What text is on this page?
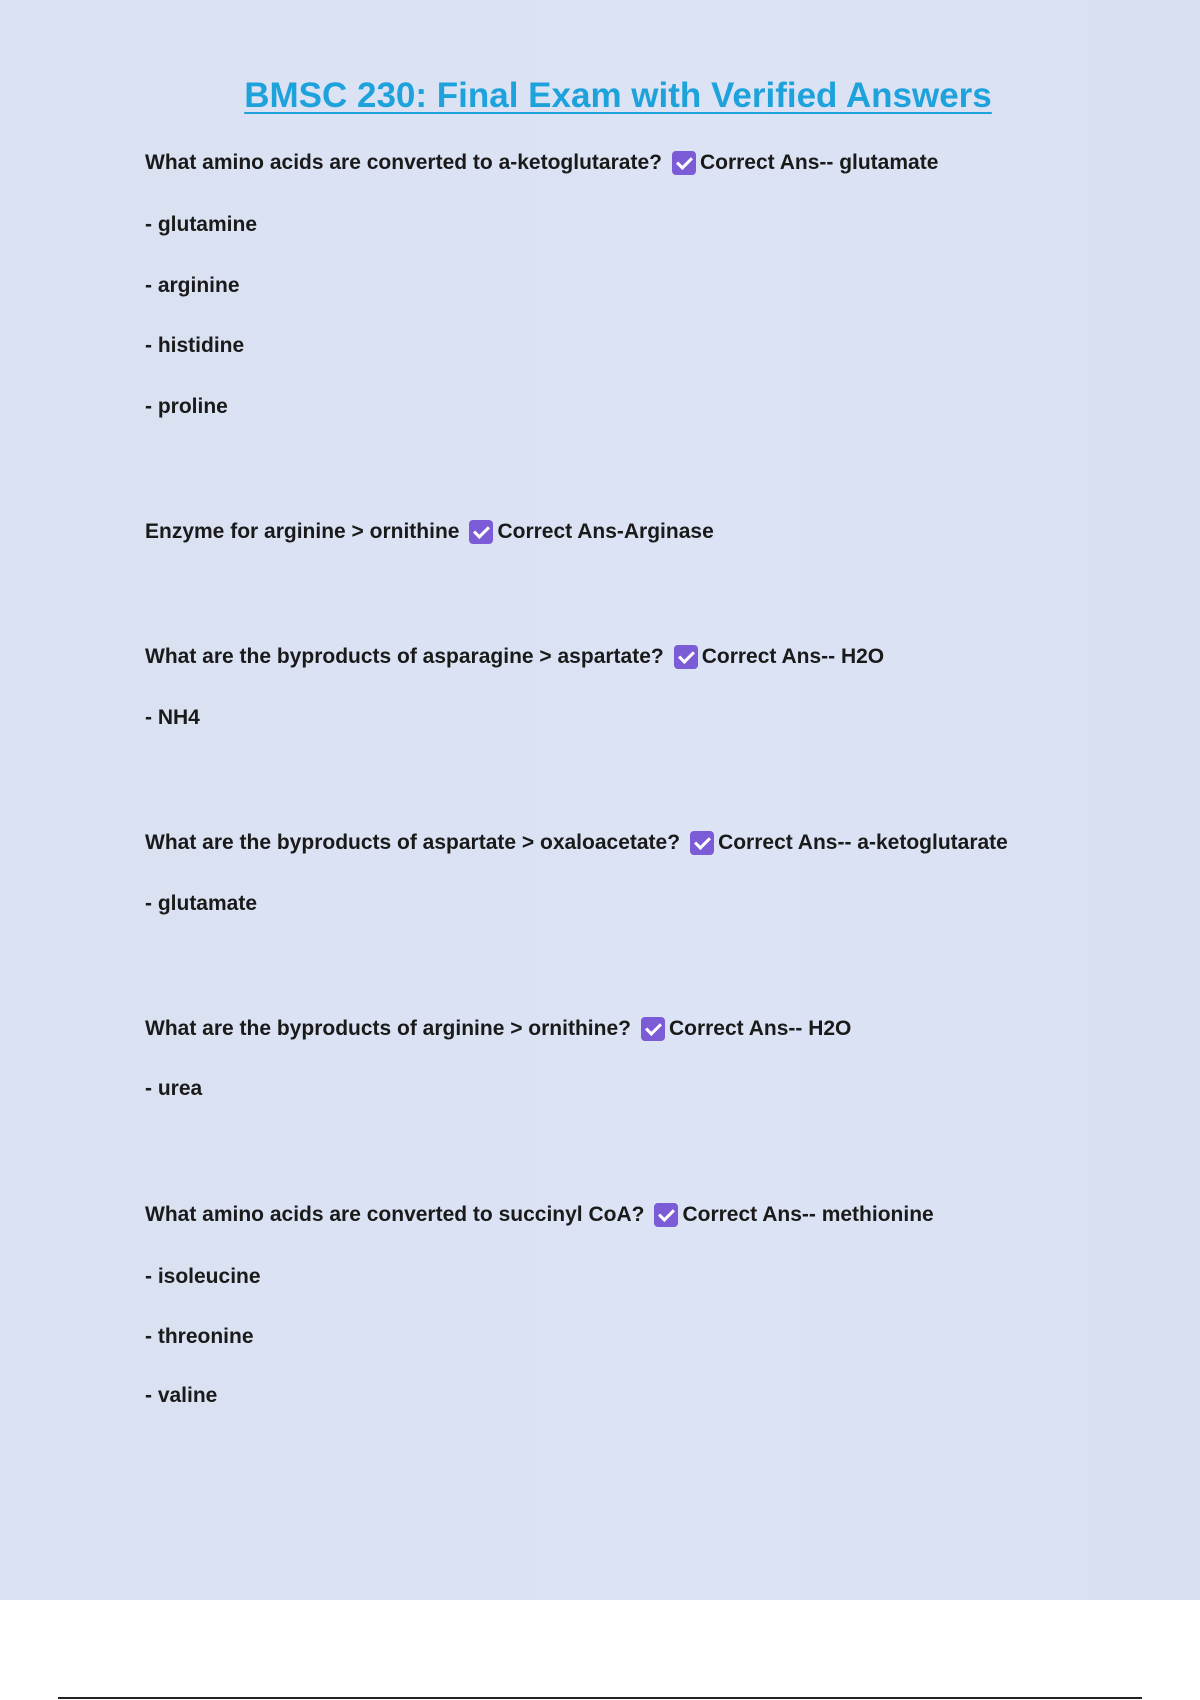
BMSC 230: Final Exam with Verified Answers
What amino acids are converted to a-ketoglutarate? Correct Ans-- glutamate
- glutamine
- arginine
- histidine
- proline
Enzyme for arginine > ornithine Correct Ans-Arginase
What are the byproducts of asparagine > aspartate? Correct Ans-- H2O
- NH4
What are the byproducts of aspartate > oxaloacetate? Correct Ans-- a-ketoglutarate
- glutamate
What are the byproducts of arginine > ornithine? Correct Ans-- H2O
- urea
What amino acids are converted to succinyl CoA? Correct Ans-- methionine
- isoleucine
- threonine
- valine
